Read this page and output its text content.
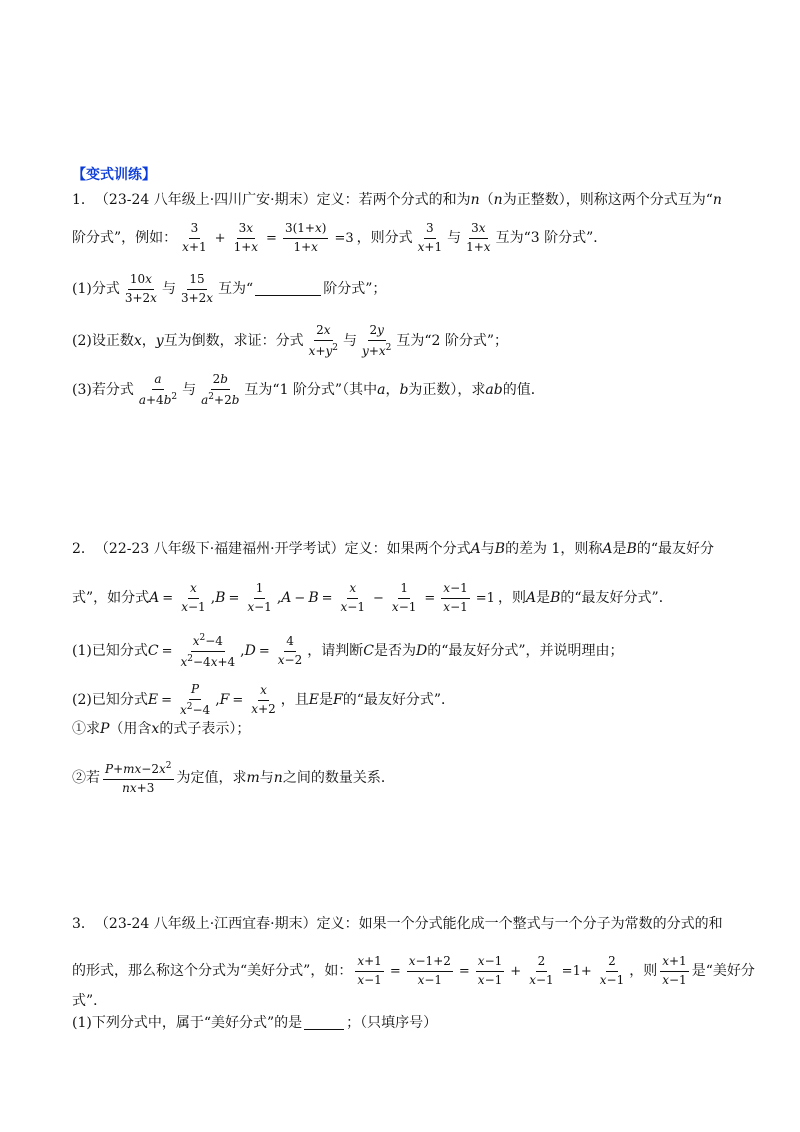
【变式训练】
1． （23-24 八年级上·四川广安·期末） 定义：若两个分式的和为 n （ n 为正整数），则称这两个分式互为“ n
阶分式”，例如：
3
x+1
+ $\frac{3x}{1+x} = \frac{3(1+x)}{1+x} =3$ ，则分式
3
x+1
与
3x
1+x
互为“3 阶分式”．
(1)分式
10x
3+2x
与
15
3+2x
互为“	阶分式”；
(2)设正数 x ， y 互为倒数，求证：分式
2x
$x+y^2$ 与
2y
$y+x^2$ 互为“2 阶分式”；
(3)若分式
a
$a+4b^2$ 与
2b
$a^2+2b$
互为“1 阶分式”（其中 a ， b 为正数），求 ab 的值．
2． （22-23 八年级下·福建福州·开学考试） 定义：如果两个分式 A 与 B 的差为 1，则称 A 是 B 的“最友好分
式”，如分式 $A = \frac{x}{x-1}$ , $B = \frac{1}{x-1}$ , $A - B = \frac{x}{x-1} - \frac{1}{x-1} = \frac{x-1}{x-1} =1$ ，则 A 是 B 的“最友好分式”．
(1)已知分式 $C = \frac{x^2-4}{x^2-4x+4}$ , $D = \frac{4}{x-2}$ ，请判断 C 是否为 D 的“最友好分式”，并说明理由；
(2)已知分式 $E = \frac{P}{x^2-4}$ , $F = \frac{x}{x+2}$ ，且 E 是 F 的“最友好分式”．
①求 P （用含 x 的式子表示）；
②若
$P+mx-2x^2$
nx+3
为定值，求 m 与 n 之间的数量关系．
3． （23-24 八年级上·江西宜春·期末） 定义：如果一个分式能化成一个整式与一个分子为常数的分式的和
的形式，那么称这个分式为“美好分式”，如： $\frac{x+1}{x-1} = \frac{x-1+2}{x-1} = \frac{x-1}{x-1} + \frac{2}{x-1} =1+ \frac{2}{x-1}$ ，则
x+1
x−1
是“美好分
式”．
(1)下列分式中，属于“美好分式”的是	；（只填序号）
